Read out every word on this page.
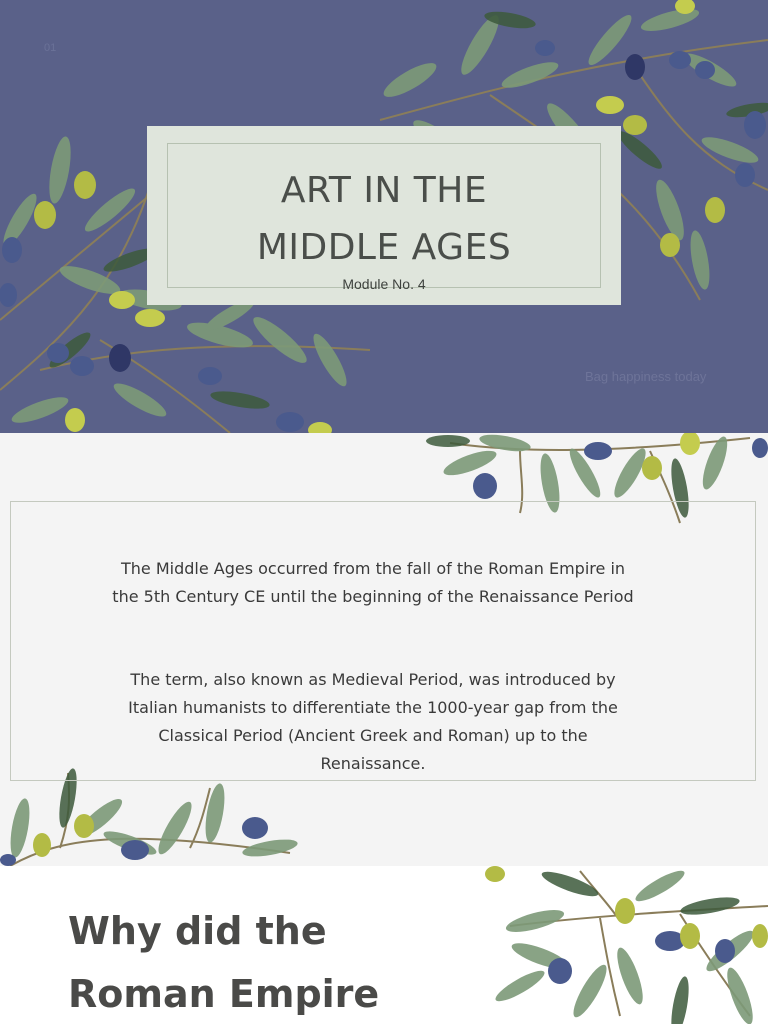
01
ART IN THE
MIDDLE AGES
Module No. 4
Bag happiness today

The Middle Ages occurred from the fall of the Roman Empire in the 5th Century CE until the beginning of the Renaissance Period

The term, also known as Medieval Period, was introduced by Italian humanists to differentiate the 1000-year gap from the Classical Period (Ancient Greek and Roman) up to the Renaissance.

Why did the
Roman Empire
